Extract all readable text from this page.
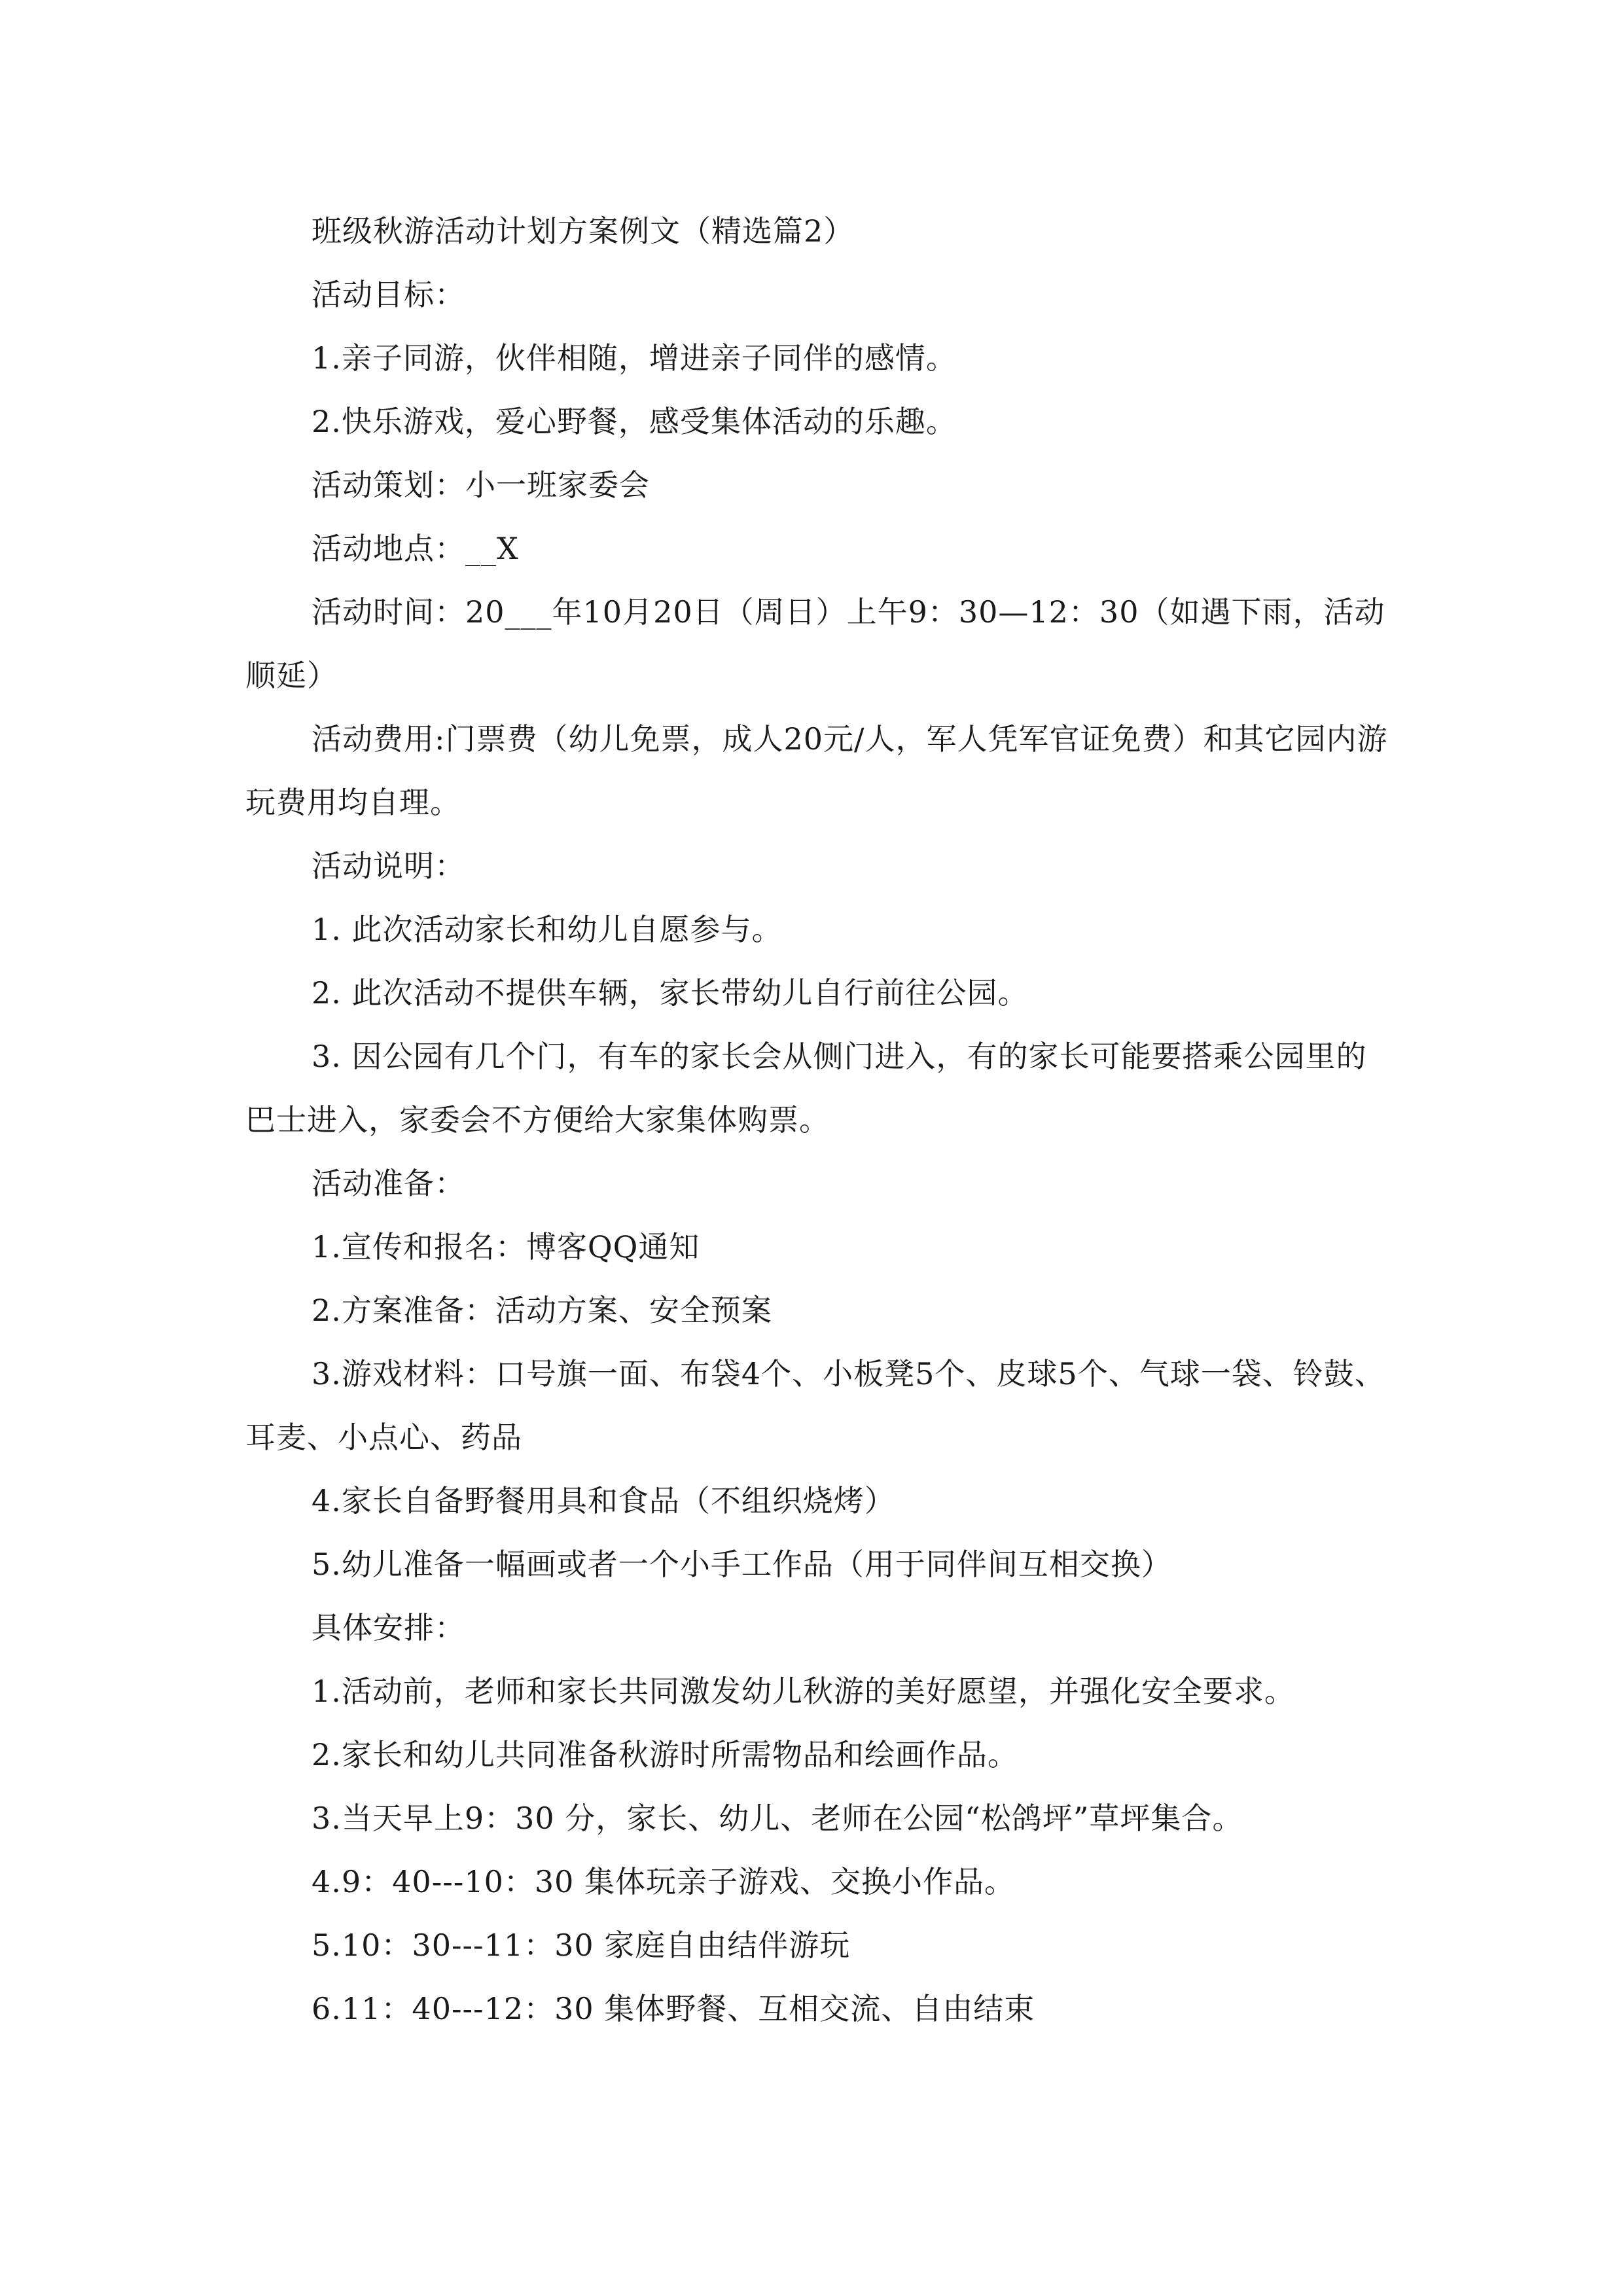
班级秋游活动计划方案例文（精选篇2）

活动目标：

1.亲子同游，伙伴相随，增进亲子同伴的感情。

2.快乐游戏，爱心野餐，感受集体活动的乐趣。

活动策划：小一班家委会

活动地点：__X

活动时间：20___年10月20日（周日）上午9：30—12：30（如遇下雨，活动顺延）

活动费用:门票费（幼儿免票，成人20元/人，军人凭军官证免费）和其它园内游玩费用均自理。

活动说明：

1. 此次活动家长和幼儿自愿参与。

2. 此次活动不提供车辆，家长带幼儿自行前往公园。

3. 因公园有几个门，有车的家长会从侧门进入，有的家长可能要搭乘公园里的巴士进入，家委会不方便给大家集体购票。

活动准备：

1.宣传和报名：博客QQ通知

2.方案准备：活动方案、安全预案

3.游戏材料：口号旗一面、布袋4个、小板凳5个、皮球5个、气球一袋、铃鼓、耳麦、小点心、药品

4.家长自备野餐用具和食品（不组织烧烤）

5.幼儿准备一幅画或者一个小手工作品（用于同伴间互相交换）

具体安排：

1.活动前，老师和家长共同激发幼儿秋游的美好愿望，并强化安全要求。

2.家长和幼儿共同准备秋游时所需物品和绘画作品。

3.当天早上9：30 分，家长、幼儿、老师在公园“松鸽坪”草坪集合。

4.9：40---10：30 集体玩亲子游戏、交换小作品。

5.10：30---11：30 家庭自由结伴游玩

6.11：40---12：30 集体野餐、互相交流、自由结束
